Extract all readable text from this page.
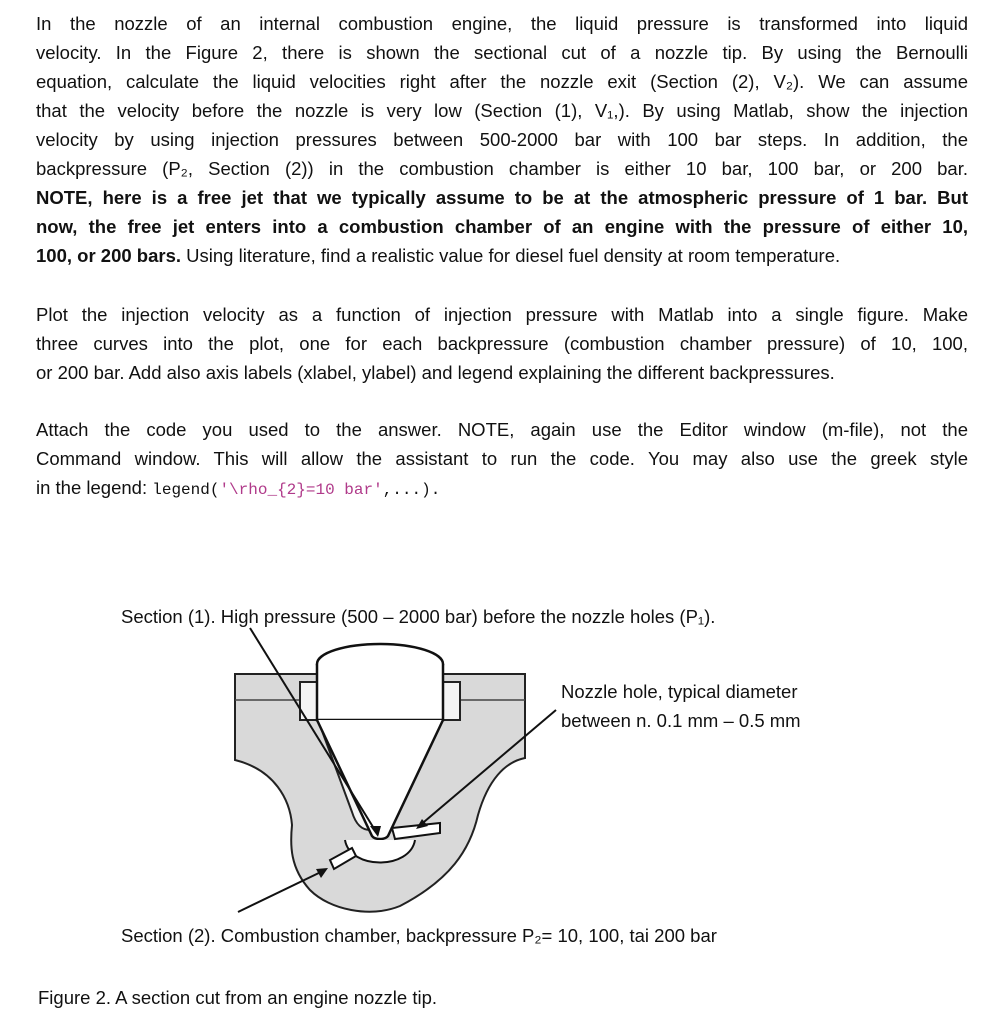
In the nozzle of an internal combustion engine, the liquid pressure is transformed into liquid
velocity. In the Figure 2, there is shown the sectional cut of a nozzle tip. By using the Bernoulli
equation, calculate the liquid velocities right after the nozzle exit (Section (2), V₂). We can assume
that the velocity before the nozzle is very low (Section (1), V₁,). By using Matlab, show the injection
velocity by using injection pressures between 500-2000 bar with 100 bar steps. In addition, the
backpressure (P₂, Section (2)) in the combustion chamber is either 10 bar, 100 bar, or 200 bar.
NOTE, here is a free jet that we typically assume to be at the atmospheric pressure of 1 bar. But
now, the free jet enters into a combustion chamber of an engine with the pressure of either 10,
100, or 200 bars. Using literature, find a realistic value for diesel fuel density at room temperature.
Plot the injection velocity as a function of injection pressure with Matlab into a single figure. Make
three curves into the plot, one for each backpressure (combustion chamber pressure) of 10, 100,
or 200 bar. Add also axis labels (xlabel, ylabel) and legend explaining the different backpressures.
Attach the code you used to the answer. NOTE, again use the Editor window (m-file), not the
Command window. This will allow the assistant to run the code. You may also use the greek style
in the legend: legend('\rho_{2}=10 bar',...).
Section (1). High pressure (500 – 2000 bar) before the nozzle holes (P₁).
Nozzle hole, typical diameter
between n. 0.1 mm – 0.5 mm
Section (2). Combustion chamber, backpressure P₂= 10, 100, tai 200 bar
Figure 2. A section cut from an engine nozzle tip.
